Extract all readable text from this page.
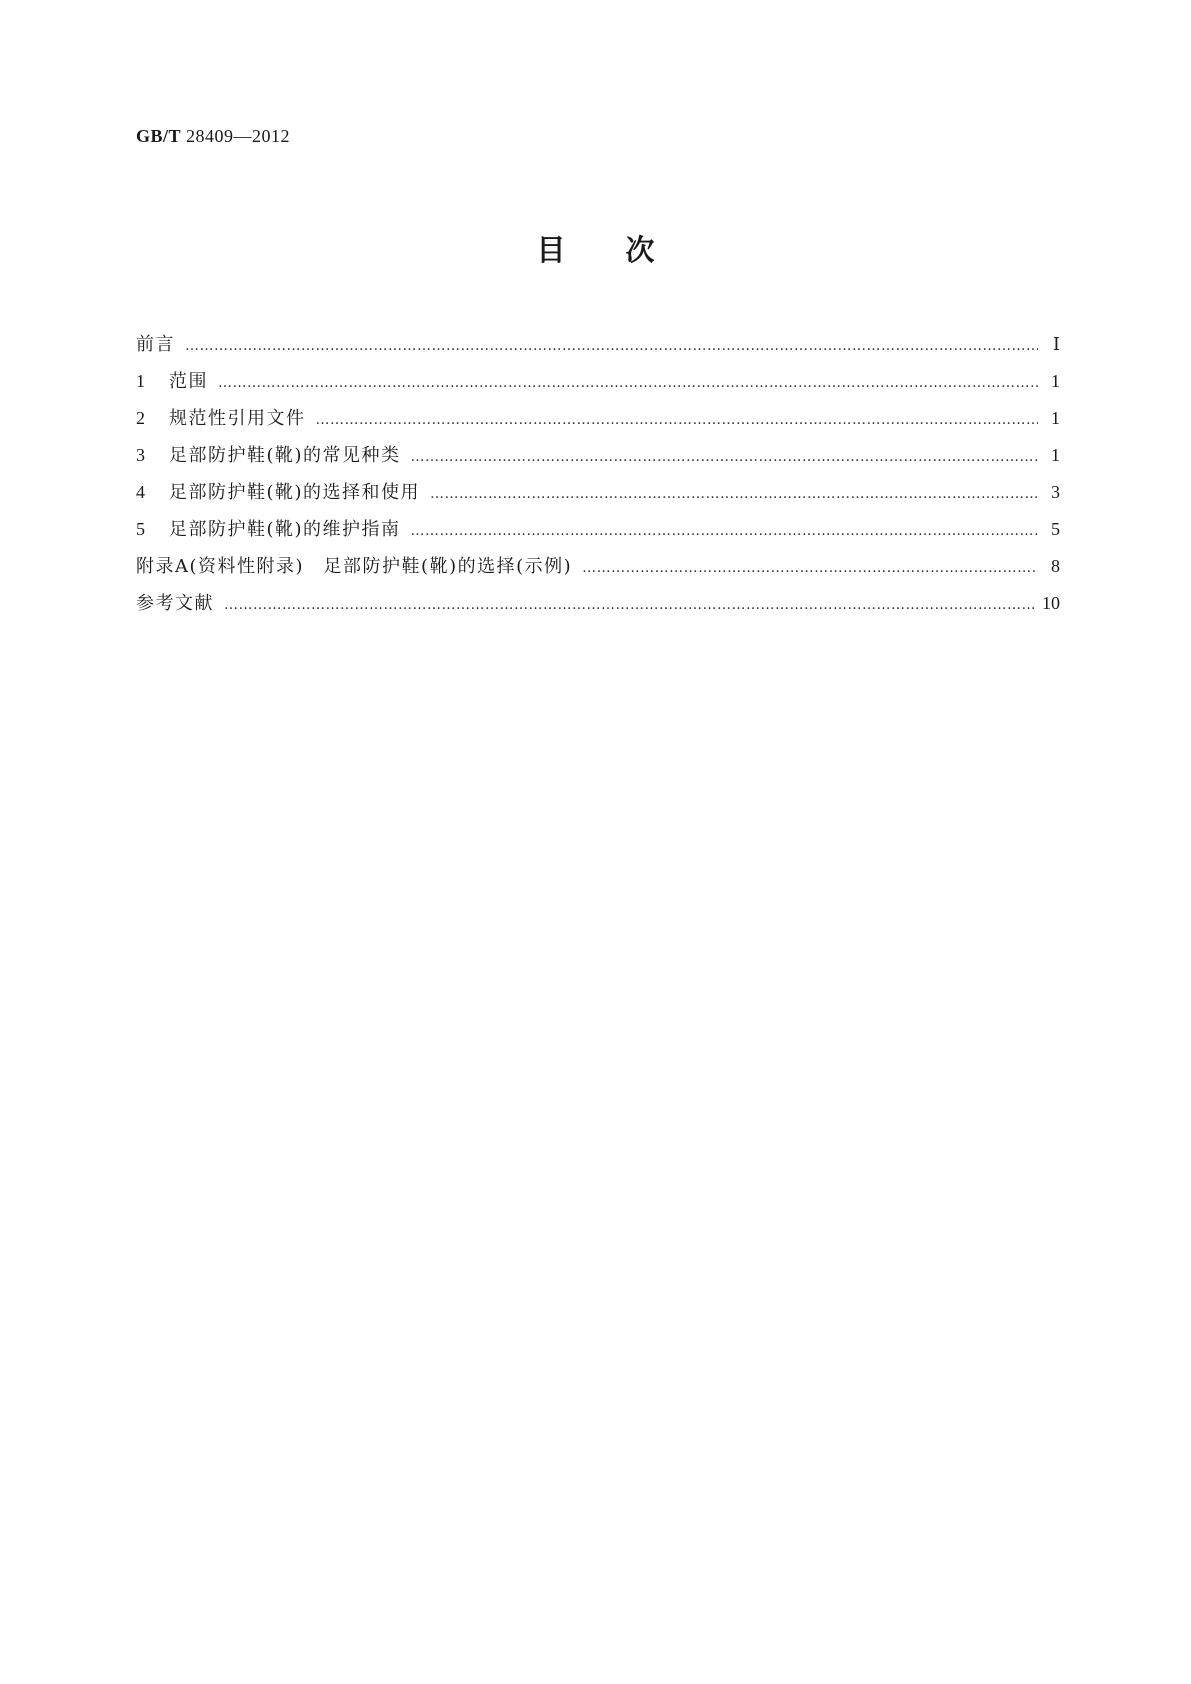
GB/T 28409—2012
目次
前言 …………………………………………………………………………………………………………………………………………………………………………………………	Ⅰ
1	范围 …………………………………………………………………………………………………………………………………………………………………………………………	1
2	规范性引用文件 …………………………………………………………………………………………………………………………………………………………………………………………	1
3	足部防护鞋(靴)的常见种类 …………………………………………………………………………………………………………………………………………………………………………………………	1
4	足部防护鞋(靴)的选择和使用 …………………………………………………………………………………………………………………………………………………………………………………………	3
5	足部防护鞋(靴)的维护指南 …………………………………………………………………………………………………………………………………………………………………………………………	5
附录A(资料性附录)　足部防护鞋(靴)的选择(示例) …………………………………………………………………………………………………………………………………………………………………………………………	8
参考文献 …………………………………………………………………………………………………………………………………………………………………………………………	10
